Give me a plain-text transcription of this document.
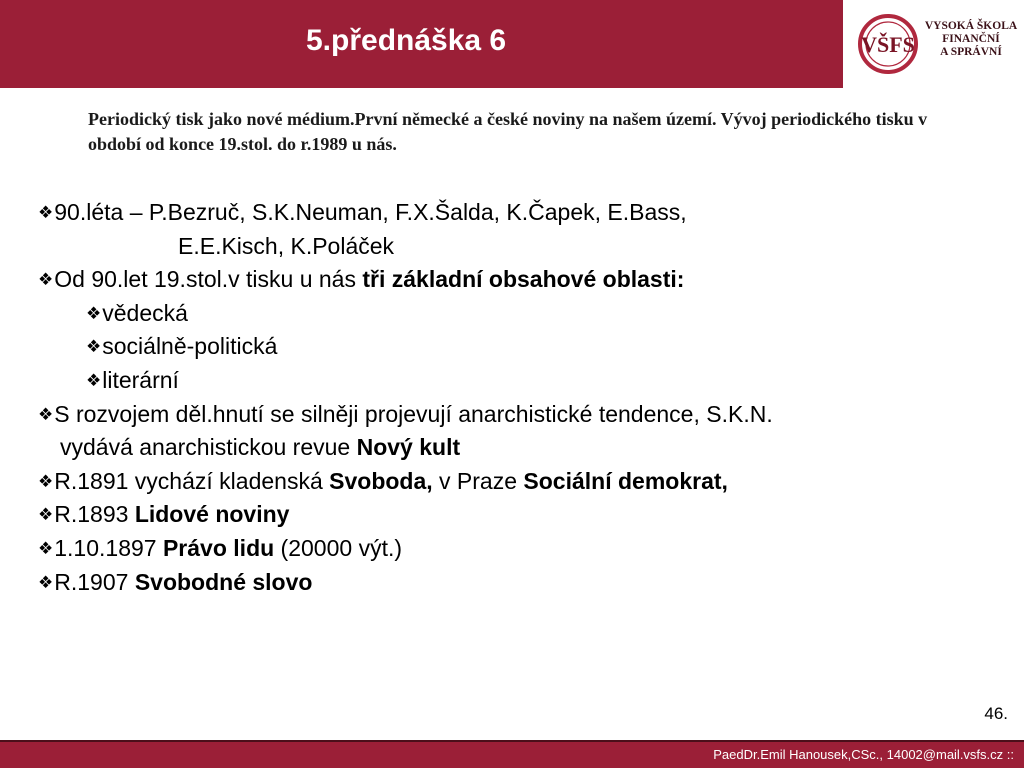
5.přednáška 6	VŠFS
VYSOKÁ ŠKOLA
FINANČNÍ
A SPRÁVNÍ
Periodický tisk jako nové médium.První německé a české noviny na našem území. Vývoj periodického tisku v období od konce 19.stol. do r.1989 u nás.
❖90.léta – P.Bezruč, S.K.Neuman, F.X.Šalda, K.Čapek, E.Bass,
E.E.Kisch, K.Poláček
❖Od 90.let 19.stol.v tisku u nás tři základní obsahové oblasti:
❖vědecká
❖sociálně-politická
❖literární
❖S rozvojem děl.hnutí se silněji projevují anarchistické tendence, S.K.N.
vydává anarchistickou revue Nový kult
❖R.1891 vychází kladenská Svoboda, v Praze Sociální demokrat,
❖R.1893 Lidové noviny
❖1.10.1897 Právo lidu (20000 výt.)
❖R.1907 Svobodné slovo
46.
PaedDr.Emil Hanousek,CSc., 14002@mail.vsfs.cz ::
